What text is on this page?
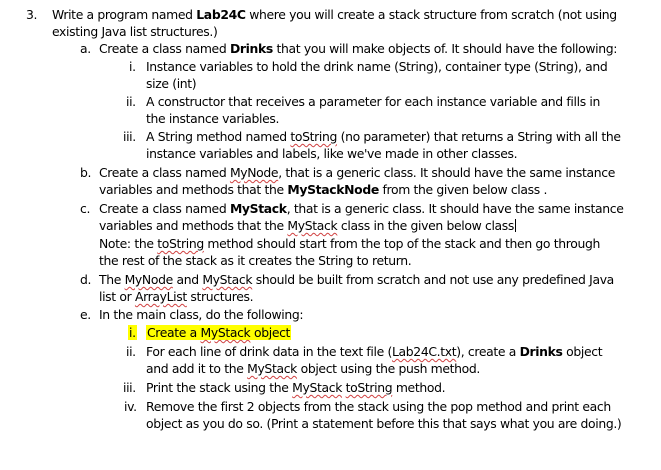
3. Write a program named Lab24C where you will create a stack structure from scratch (not using
existing Java list structures.)
a. Create a class named Drinks that you will make objects of. It should have the following:
i. Instance variables to hold the drink name (String), container type (String), and
size (int)
ii. A constructor that receives a parameter for each instance variable and fills in
the instance variables.
iii. A String method named toString (no parameter) that returns a String with all the
instance variables and labels, like we've made in other classes.
b. Create a class named MyNode, that is a generic class. It should have the same instance
variables and methods that the MyStackNode from the given below class .
c. Create a class named MyStack, that is a generic class. It should have the same instance
variables and methods that the MyStack class in the given below class
Note: the toString method should start from the top of the stack and then go through
the rest of the stack as it creates the String to return.
d. The MyNode and MyStack should be built from scratch and not use any predefined Java
list or ArrayList structures.
e. In the main class, do the following:
i. Create a MyStack object
ii. For each line of drink data in the text file (Lab24C.txt), create a Drinks object
and add it to the MyStack object using the push method.
iii. Print the stack using the MyStack toString method.
iv. Remove the first 2 objects from the stack using the pop method and print each
object as you do so. (Print a statement before this that says what you are doing.)
